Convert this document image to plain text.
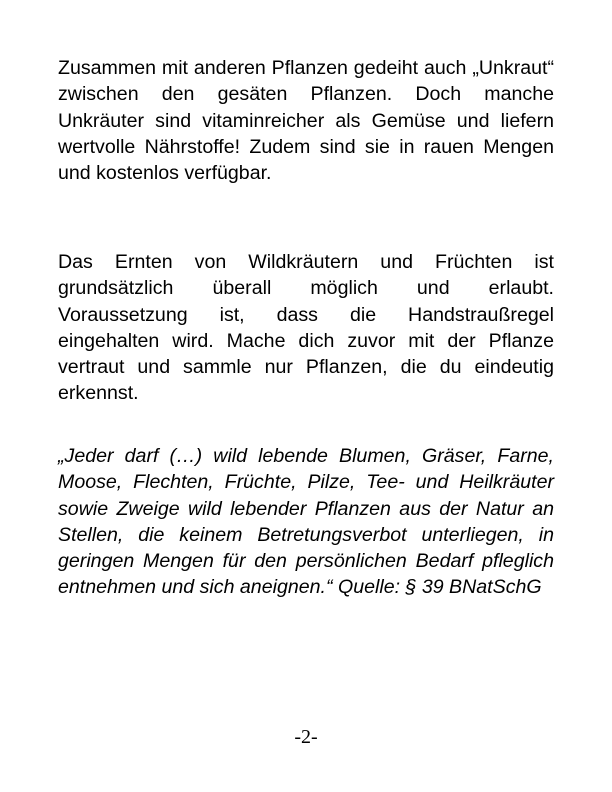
Zusammen mit anderen Pflanzen gedeiht auch „Unkraut“ zwischen den gesäten Pflanzen. Doch manche Unkräuter sind vitaminreicher als Gemüse und liefern wertvolle Nährstoffe! Zudem sind sie in rauen Mengen und kostenlos verfügbar.

Das Ernten von Wildkräutern und Früchten ist grundsätzlich überall möglich und erlaubt. Voraussetzung ist, dass die Handstraußregel eingehalten wird. Mache dich zuvor mit der Pflanze vertraut und sammle nur Pflanzen, die du eindeutig erkennst.

„Jeder darf (…) wild lebende Blumen, Gräser, Farne, Moose, Flechten, Früchte, Pilze, Tee- und Heilkräuter sowie Zweige wild lebender Pflanzen aus der Natur an Stellen, die keinem Betretungsverbot unterliegen, in geringen Mengen für den persönlichen Bedarf pfleglich entnehmen und sich aneignen.“ Quelle: § 39 BNatSchG

-2-
